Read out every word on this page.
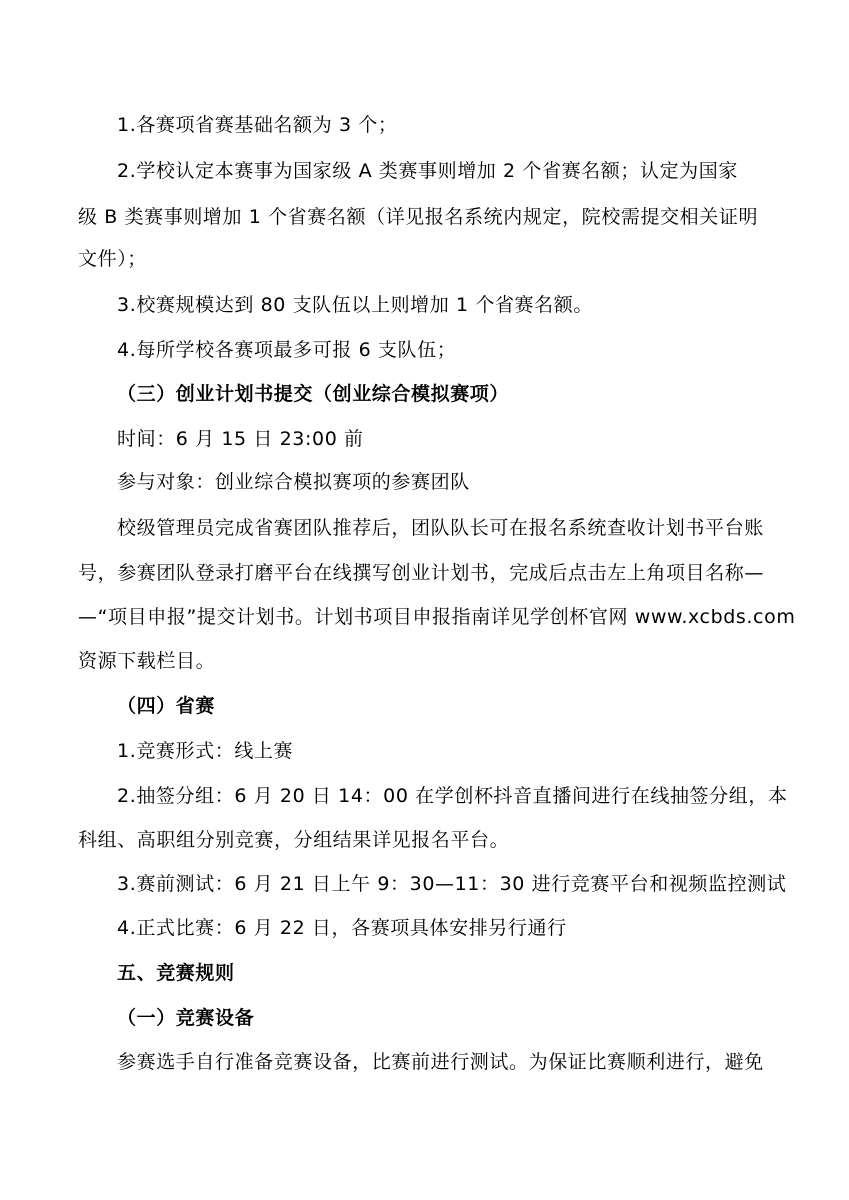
1.各赛项省赛基础名额为 3 个；
2.学校认定本赛事为国家级 A 类赛事则增加 2 个省赛名额；认定为国家
级 B 类赛事则增加 1 个省赛名额（详见报名系统内规定，院校需提交相关证明
文件）；
3.校赛规模达到 80 支队伍以上则增加 1 个省赛名额。
4.每所学校各赛项最多可报 6 支队伍；
（三）创业计划书提交（创业综合模拟赛项）
时间：6 月 15 日 23:00 前
参与对象：创业综合模拟赛项的参赛团队
校级管理员完成省赛团队推荐后，团队队长可在报名系统查收计划书平台账
号，参赛团队登录打磨平台在线撰写创业计划书，完成后点击左上角项目名称—
—“项目申报”提交计划书。计划书项目申报指南详见学创杯官网 www.xcbds.com
资源下载栏目。
（四）省赛
1.竞赛形式：线上赛
2.抽签分组：6 月 20 日 14：00 在学创杯抖音直播间进行在线抽签分组，本
科组、高职组分别竞赛，分组结果详见报名平台。
3.赛前测试：6 月 21 日上午 9：30—11：30 进行竞赛平台和视频监控测试
4.正式比赛：6 月 22 日，各赛项具体安排另行通行
五、竞赛规则
（一）竞赛设备
参赛选手自行准备竞赛设备，比赛前进行测试。为保证比赛顺利进行，避免
